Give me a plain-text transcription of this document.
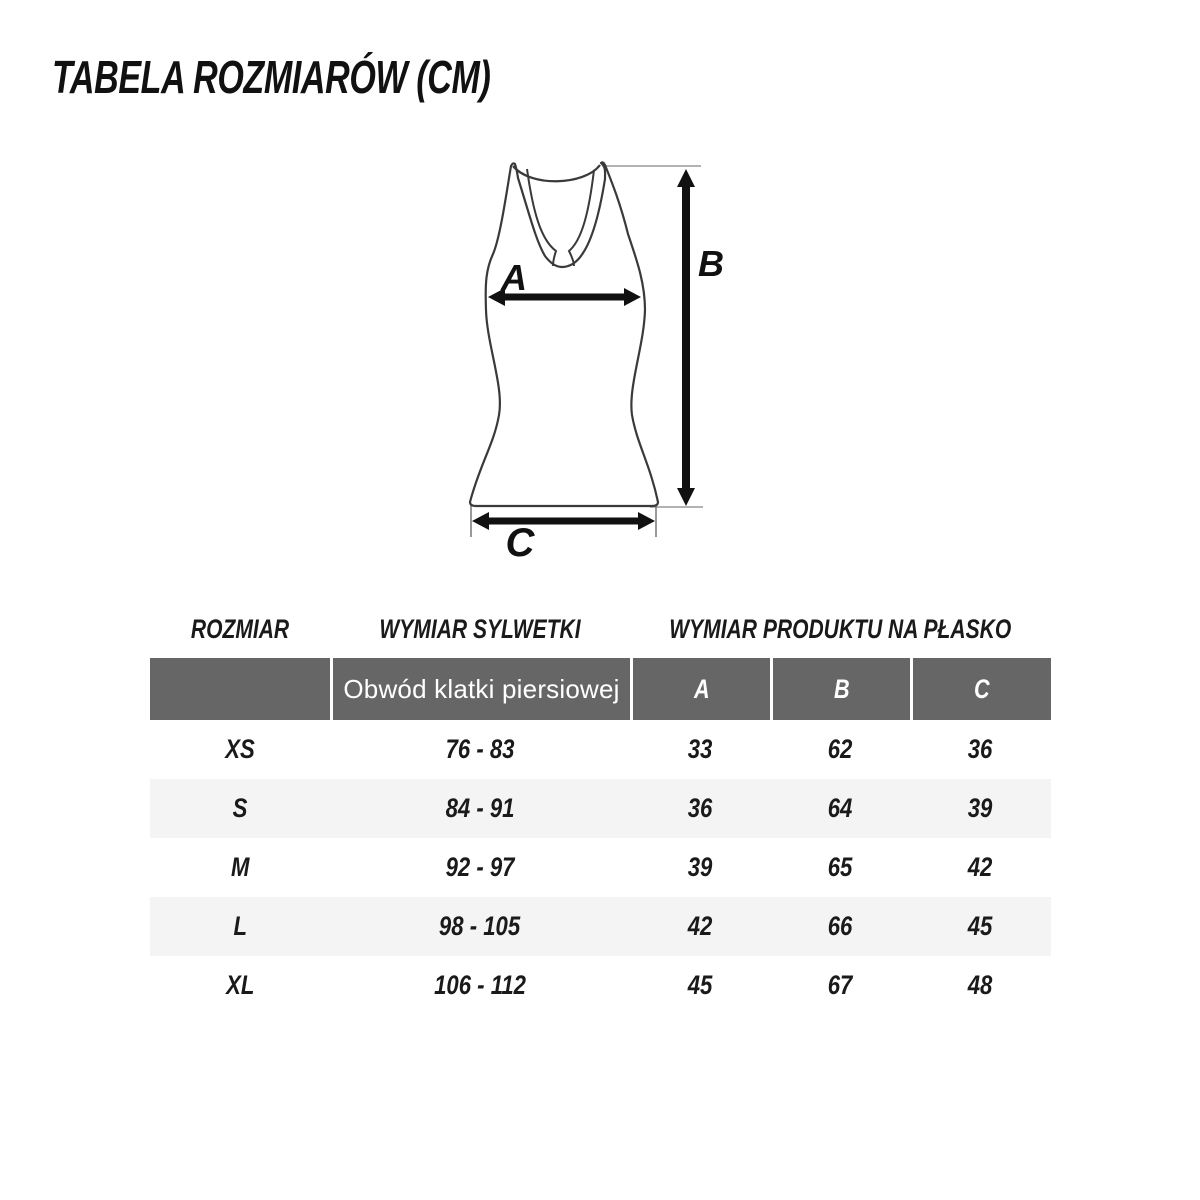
TABELA ROZMIARÓW (CM)
A	B
C
ROZMIAR	WYMIAR SYLWETKI	WYMIAR PRODUKTU NA PŁASKO
Obwód klatki piersiowej	A	B	C
XS	76 - 83	33	62	36
S	84 - 91	36	64	39
M	92 - 97	39	65	42
L	98 - 105	42	66	45
XL	106 - 112	45	67	48
